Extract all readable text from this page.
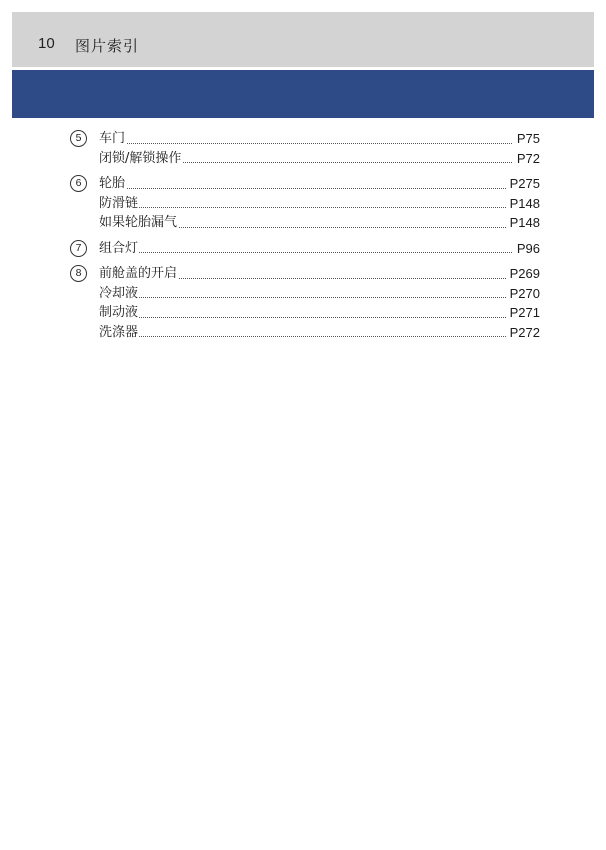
10 图片索引
5	车门	P75
闭锁/解锁操作	P72
6	轮胎	P275
防滑链	P148
如果轮胎漏气	P148
7	组合灯	P96
8	前舱盖的开启	P269
冷却液	P270
制动液	P271
洗涤器	P272
